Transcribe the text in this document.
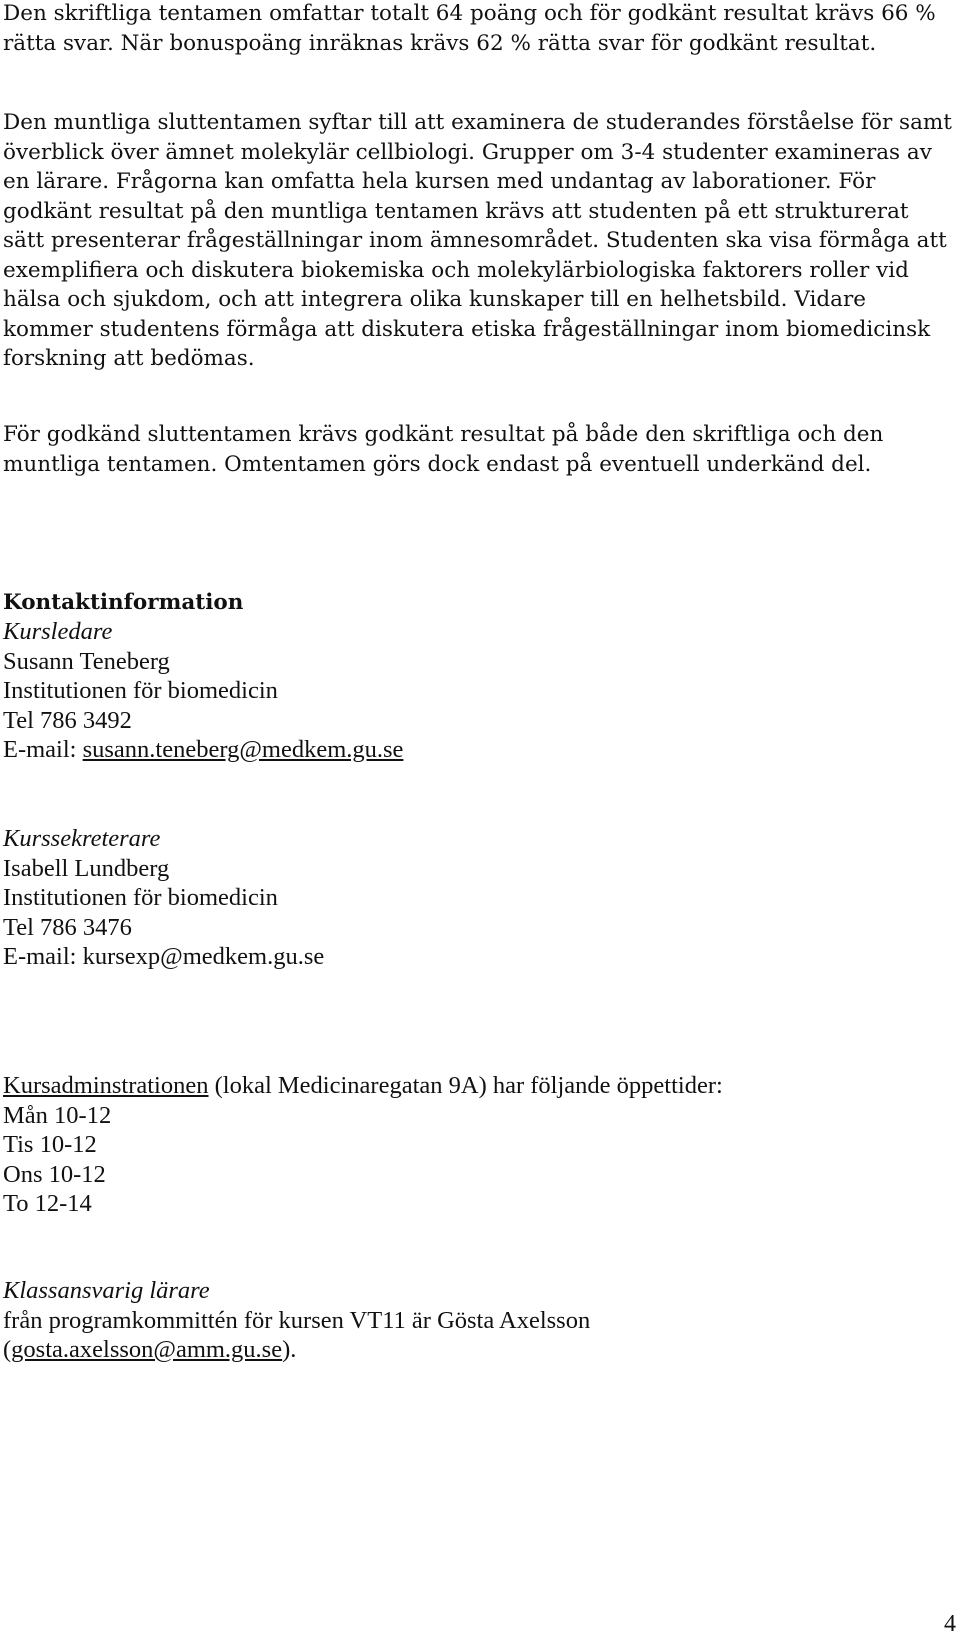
Den skriftliga tentamen omfattar totalt 64 poäng och för godkänt resultat krävs 66 % rätta svar. När bonuspoäng inräknas krävs 62 % rätta svar för godkänt resultat.

Den muntliga sluttentamen syftar till att examinera de studerandes förståelse för samt överblick över ämnet molekylär cellbiologi. Grupper om 3-4 studenter examineras av en lärare. Frågorna kan omfatta hela kursen med undantag av laborationer. För godkänt resultat på den muntliga tentamen krävs att studenten på ett strukturerat sätt presenterar frågeställningar inom ämnesområdet. Studenten ska visa förmåga att exemplifiera och diskutera biokemiska och molekylärbiologiska faktorers roller vid hälsa och sjukdom, och att integrera olika kunskaper till en helhetsbild. Vidare kommer studentens förmåga att diskutera etiska frågeställningar inom biomedicinsk forskning att bedömas.

För godkänd sluttentamen krävs godkänt resultat på både den skriftliga och den muntliga tentamen. Omtentamen görs dock endast på eventuell underkänd del.

Kontaktinformation
Kursledare
Susann Teneberg
Institutionen för biomedicin
Tel 786 3492
E-mail: susann.teneberg@medkem.gu.se
Kurssekreterare
Isabell Lundberg
Institutionen för biomedicin
Tel 786 3476
E-mail: kursexp@medkem.gu.se
Kursadminstrationen (lokal Medicinaregatan 9A) har följande öppettider:
Mån 10-12
Tis 10-12
Ons 10-12
To 12-14
Klassansvarig lärare
från programkommittén för kursen VT11 är Gösta Axelsson
(gosta.axelsson@amm.gu.se).
4
